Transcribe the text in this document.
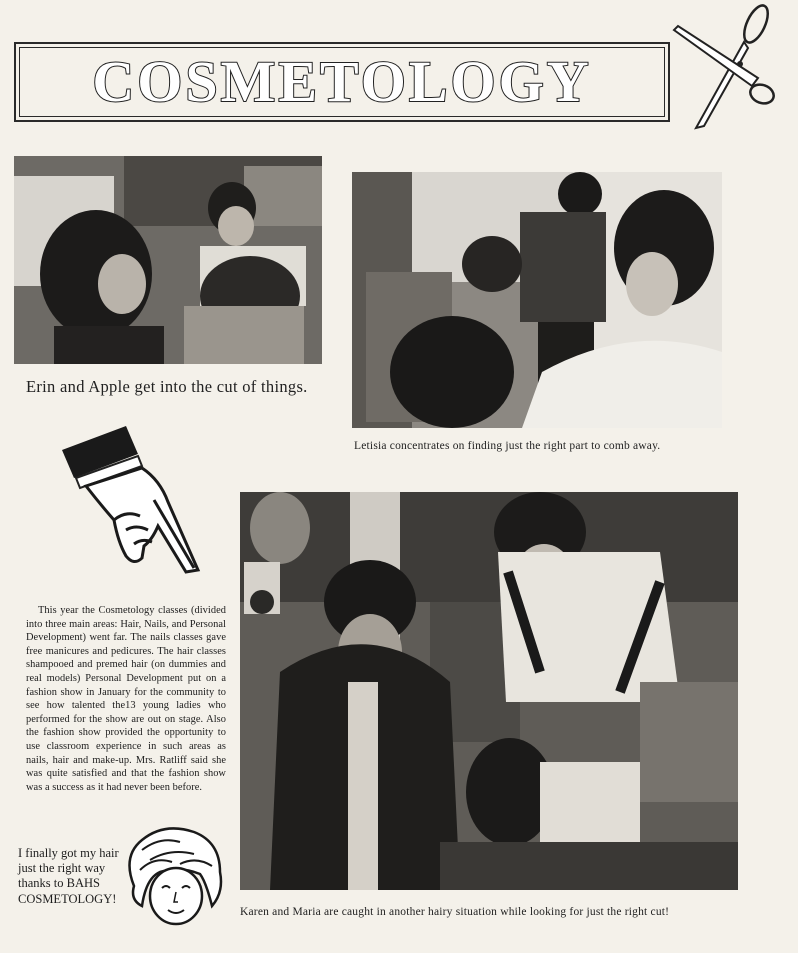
COSMETOLOGY
Erin and Apple get into the cut of things.
Letisia concentrates on finding just the right part to comb away.
This year the Cosmetology classes (divided into three main areas: Hair, Nails, and Personal Development) went far. The nails classes gave free manicures and pedicures. The hair classes shampooed and premed hair (on dummies and real models) Personal Development put on a fashion show in January for the community to see how talented the13 young ladies who performed for the show are out on stage. Also the fashion show provided the opportunity to use classroom experience in such areas as nails, hair and make-up. Mrs. Ratliff said she was quite satisfied and that the fashion show was a success as it had never been before.
Karen and Maria are caught in another hairy situation while looking for just the right cut!
I finally got my hair just the right way thanks to BAHS COSMETOLOGY!
